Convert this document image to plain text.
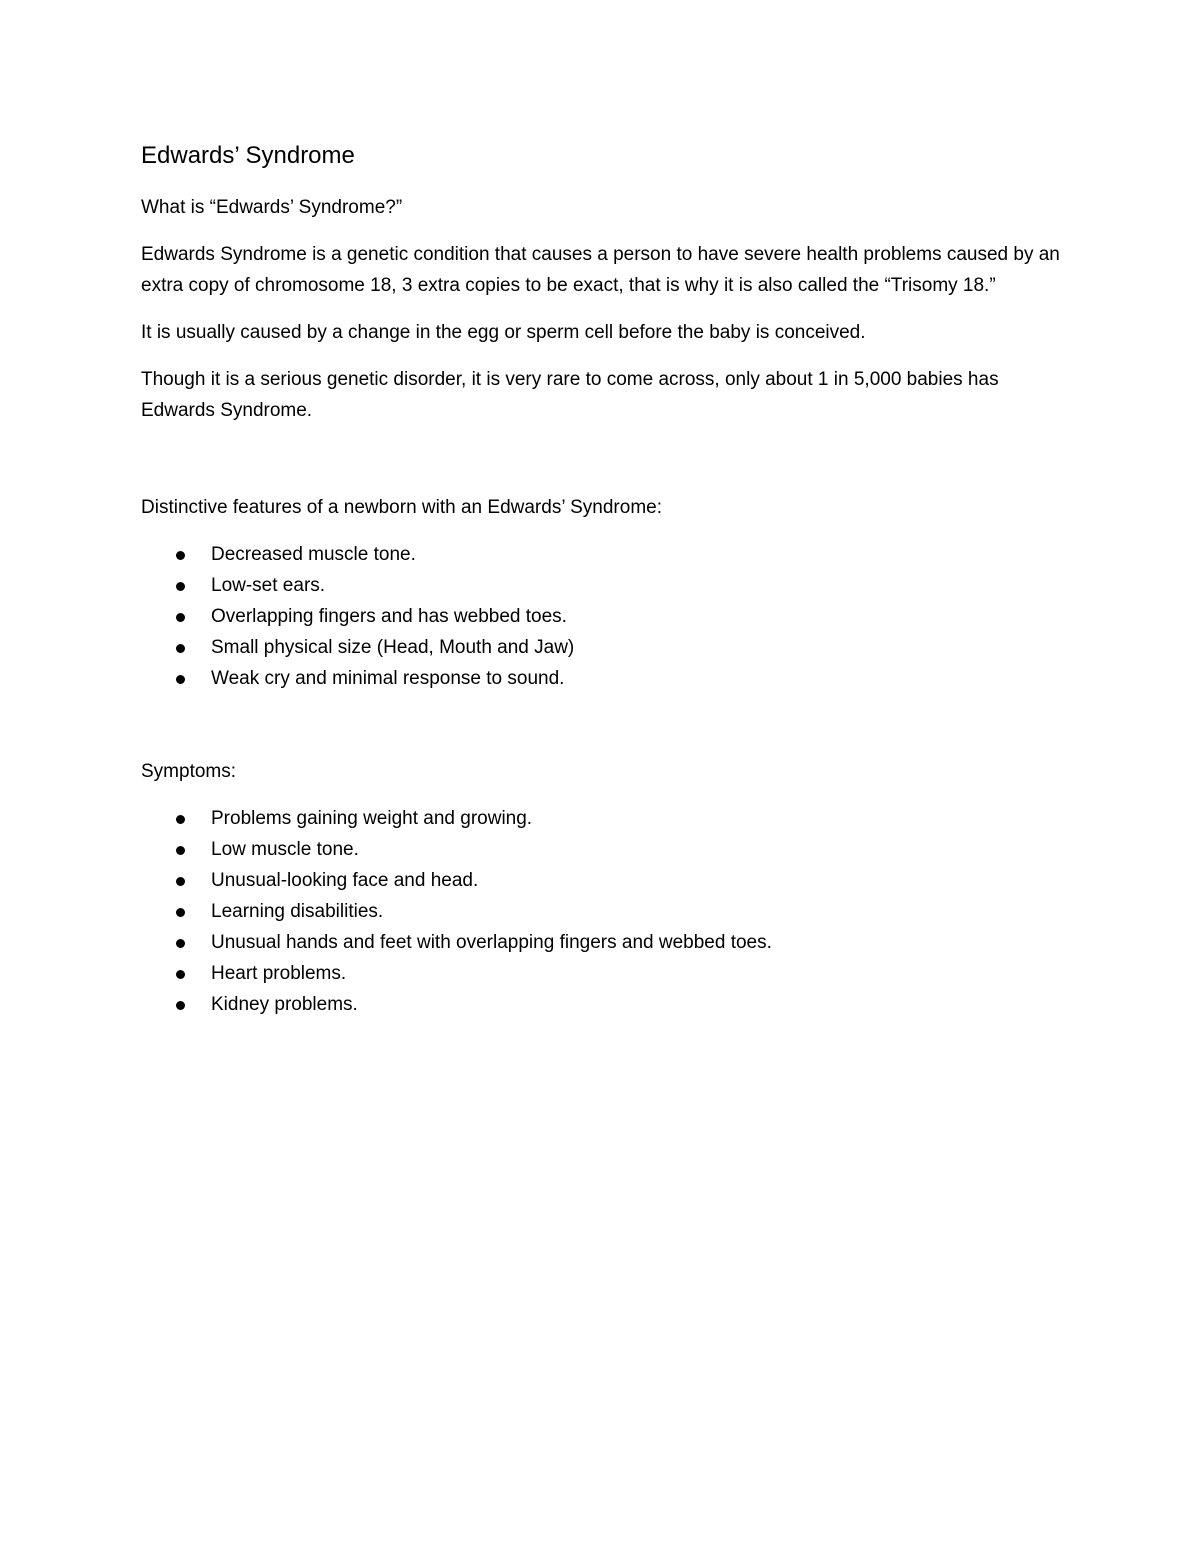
Edwards’ Syndrome

What is “Edwards’ Syndrome?”

Edwards Syndrome is a genetic condition that causes a person to have severe health problems caused by an extra copy of chromosome 18, 3 extra copies to be exact, that is why it is also called the “Trisomy 18.”

It is usually caused by a change in the egg or sperm cell before the baby is conceived.

Though it is a serious genetic disorder, it is very rare to come across, only about 1 in 5,000 babies has Edwards Syndrome.

Distinctive features of a newborn with an Edwards’ Syndrome:

Decreased muscle tone.
Low-set ears.
Overlapping fingers and has webbed toes.
Small physical size (Head, Mouth and Jaw)
Weak cry and minimal response to sound.

Symptoms:

Problems gaining weight and growing.
Low muscle tone.
Unusual-looking face and head.
Learning disabilities.
Unusual hands and feet with overlapping fingers and webbed toes.
Heart problems.
Kidney problems.
